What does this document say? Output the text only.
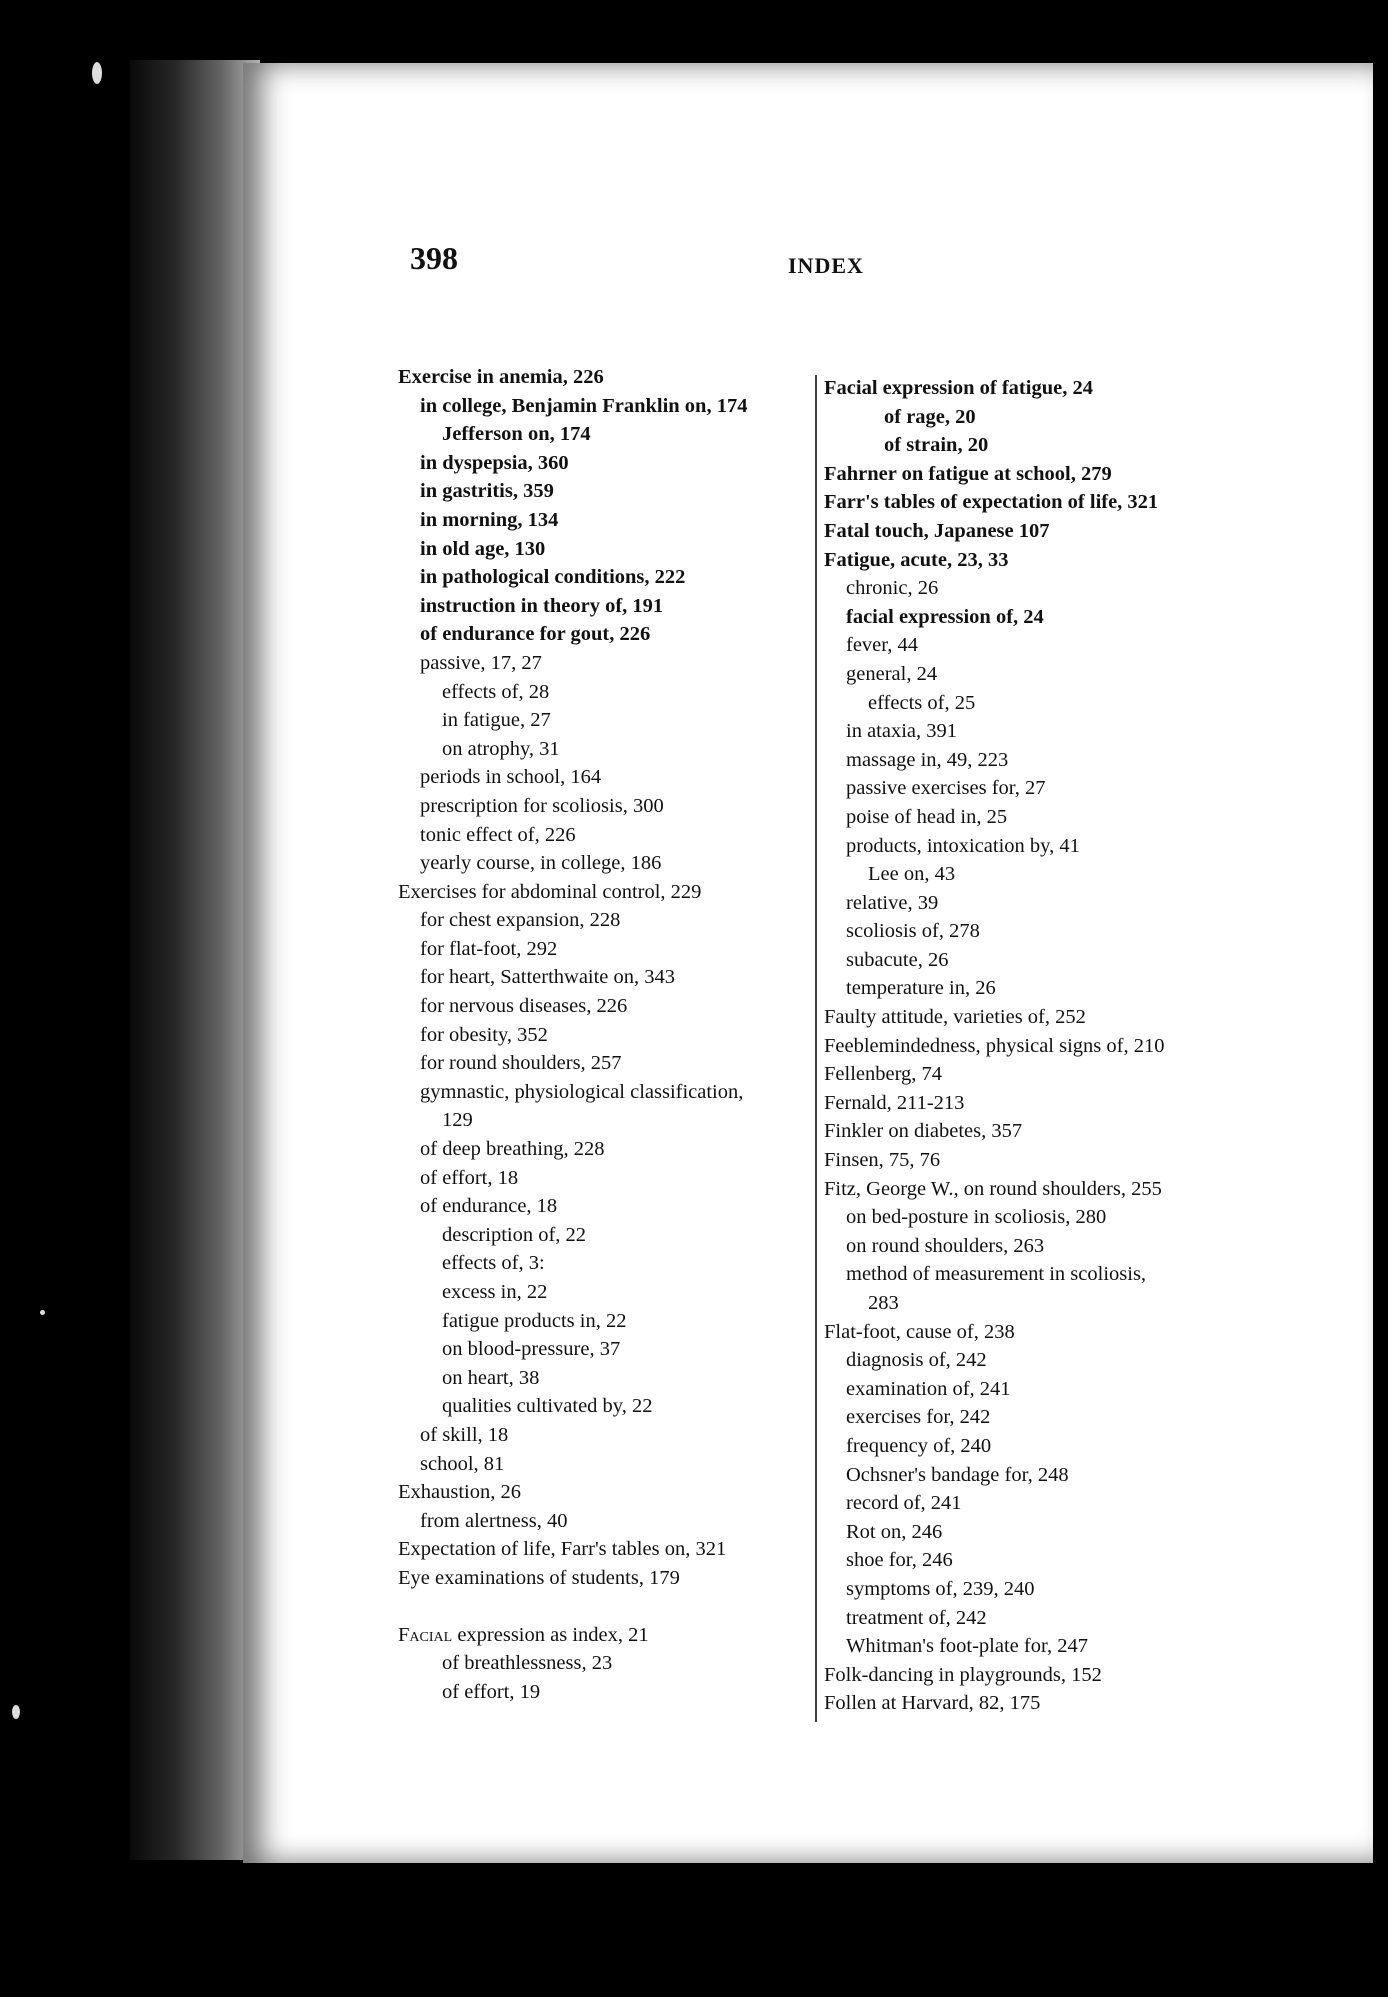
398	INDEX
Exercise in anemia, 226
in college, Benjamin Franklin on, 174
Jefferson on, 174
in dyspepsia, 360
in gastritis, 359
in morning, 134
in old age, 130
in pathological conditions, 222
instruction in theory of, 191
of endurance for gout, 226
passive, 17, 27
effects of, 28
in fatigue, 27
on atrophy, 31
periods in school, 164
prescription for scoliosis, 300
tonic effect of, 226
yearly course, in college, 186
Exercises for abdominal control, 229
for chest expansion, 228
for flat-foot, 292
for heart, Satterthwaite on, 343
for nervous diseases, 226
for obesity, 352
for round shoulders, 257
gymnastic, physiological classification,
129
of deep breathing, 228
of effort, 18
of endurance, 18
description of, 22
effects of, 3:
excess in, 22
fatigue products in, 22
on blood-pressure, 37
on heart, 38
qualities cultivated by, 22
of skill, 18
school, 81
Exhaustion, 26
from alertness, 40
Expectation of life, Farr's tables on, 321
Eye examinations of students, 179
Facial expression as index, 21
of breathlessness, 23
of effort, 19
Facial expression of fatigue, 24
of rage, 20
of strain, 20
Fahrner on fatigue at school, 279
Farr's tables of expectation of life, 321
Fatal touch, Japanese 107
Fatigue, acute, 23, 33
chronic, 26
facial expression of, 24
fever, 44
general, 24
effects of, 25
in ataxia, 391
massage in, 49, 223
passive exercises for, 27
poise of head in, 25
products, intoxication by, 41
Lee on, 43
relative, 39
scoliosis of, 278
subacute, 26
temperature in, 26
Faulty attitude, varieties of, 252
Feeblemindedness, physical signs of, 210
Fellenberg, 74
Fernald, 211-213
Finkler on diabetes, 357
Finsen, 75, 76
Fitz, George W., on round shoulders, 255
on bed-posture in scoliosis, 280
on round shoulders, 263
method of measurement in scoliosis,
283
Flat-foot, cause of, 238
diagnosis of, 242
examination of, 241
exercises for, 242
frequency of, 240
Ochsner's bandage for, 248
record of, 241
Rot on, 246
shoe for, 246
symptoms of, 239, 240
treatment of, 242
Whitman's foot-plate for, 247
Folk-dancing in playgrounds, 152
Follen at Harvard, 82, 175
